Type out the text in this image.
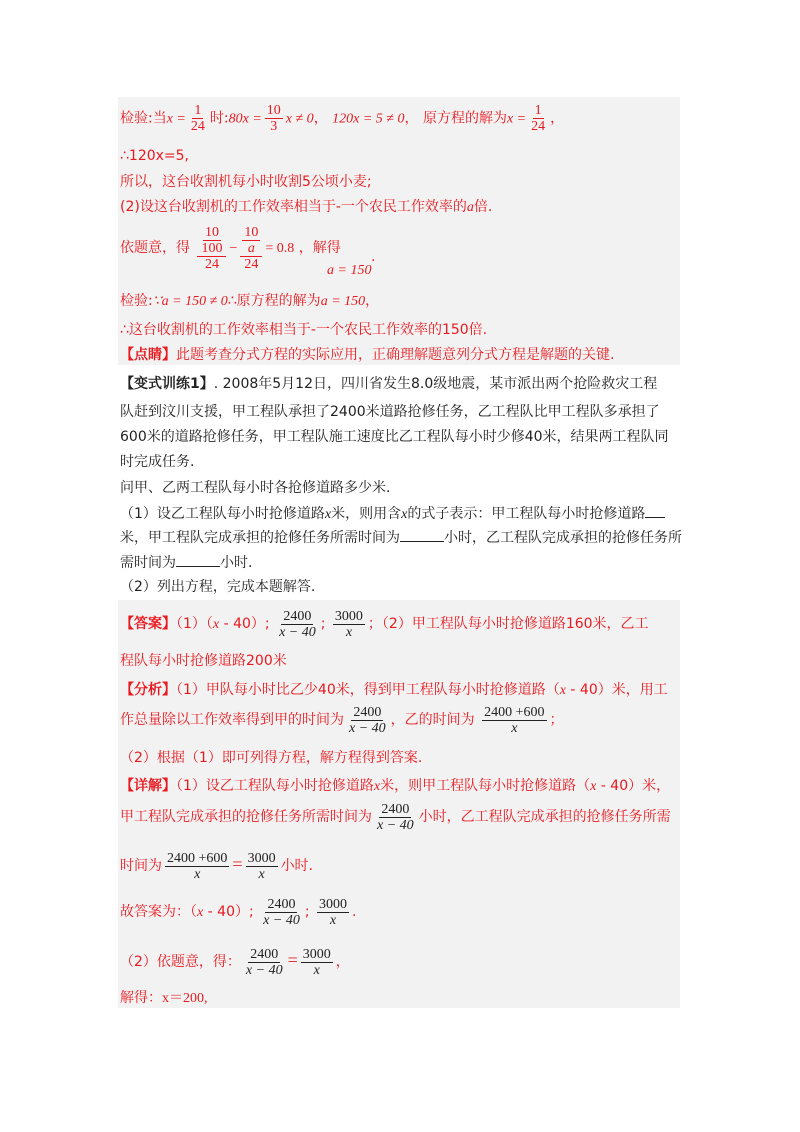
检验:当$x = \frac{1}{24}$ 时:80x = $\frac{10}{3}$ x ≠ 0， 120x = 5 ≠ 0， 原方程的解为$x = \frac{1}{24}$ ，
∴120x=5,
所以，这台收割机每小时收割5公顷小麦;
(2)设这台收割机的工作效率相当于-一个农民工作效率的a倍.
依题意，得 $\frac{\frac{10}{100}}{24} - \frac{\frac{10}{a}}{24} = 0.8$ ，解得
a = 150
.
检验:∵a = 150 ≠ 0∴原方程的解为a = 150，
∴这台收割机的工作效率相当于-一个农民工作效率的150倍.
【点睛】此题考查分式方程的实际应用，正确理解题意列分式方程是解题的关键.
【变式训练1】. 2008年5月12日，四川省发生8.0级地震，某市派出两个抢险救灾工程
队赶到汶川支援，甲工程队承担了2400米道路抢修任务，乙工程队比甲工程队多承担了
600米的道路抢修任务，甲工程队施工速度比乙工程队每小时少修40米，结果两工程队同
时完成任务.
问甲、乙两工程队每小时各抢修道路多少米.
（1）设乙工程队每小时抢修道路x米，则用含x的式子表示：甲工程队每小时抢修道路
米，甲工程队完成承担的抢修任务所需时间为	小时，乙工程队完成承担的抢修任务所
需时间为	小时.
（2）列出方程，完成本题解答.
【答案】（1）（x - 40）; $\frac{2400}{x - 40}$ ; $\frac{3000}{x}$ ；（2）甲工程队每小时抢修道路160米，乙工
程队每小时抢修道路200米
【分析】（1）甲队每小时比乙少40米，得到甲工程队每小时抢修道路（x - 40）米，用工
作总量除以工作效率得到甲的时间为 $\frac{2400}{x - 40}$ ，乙的时间为 $\frac{2400 +600}{x}$ ；
（2）根据（1）即可列得方程，解方程得到答案.
【详解】（1）设乙工程队每小时抢修道路x米，则甲工程队每小时抢修道路（x - 40）米，
甲工程队完成承担的抢修任务所需时间为 $\frac{2400}{x - 40}$ 小时，乙工程队完成承担的抢修任务所需
时间为 $\frac{2400 +600}{x} = \frac{3000}{x}$ 小时.
故答案为：（x - 40）; $\frac{2400}{x - 40}$ ; $\frac{3000}{x}$ .
（2）依题意，得： $\frac{2400}{x - 40} = \frac{3000}{x}$ ，
解得：x＝200,
